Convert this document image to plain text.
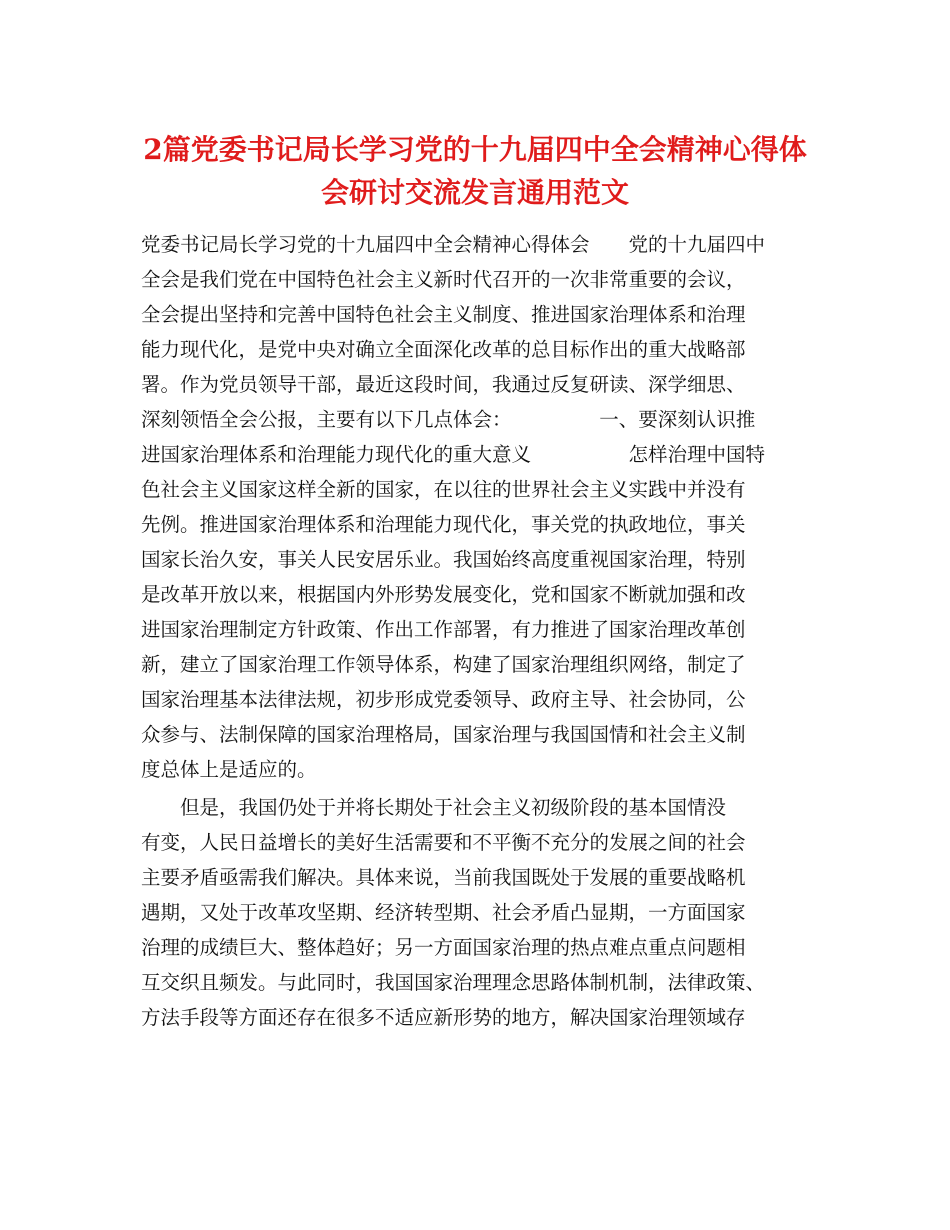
2篇党委书记局长学习党的十九届四中全会精神心得体
会研讨交流发言通用范文
党委书记局长学习党的十九届四中全会精神心得体会　　党的十九届四中
全会是我们党在中国特色社会主义新时代召开的一次非常重要的会议，
全会提出坚持和完善中国特色社会主义制度、推进国家治理体系和治理
能力现代化，是党中央对确立全面深化改革的总目标作出的重大战略部
署。作为党员领导干部，最近这段时间，我通过反复研读、深学细思、
深刻领悟全会公报，主要有以下几点体会：　　　　　一、要深刻认识推
进国家治理体系和治理能力现代化的重大意义　　　　　怎样治理中国特
色社会主义国家这样全新的国家，在以往的世界社会主义实践中并没有
先例。推进国家治理体系和治理能力现代化，事关党的执政地位，事关
国家长治久安，事关人民安居乐业。我国始终高度重视国家治理，特别
是改革开放以来，根据国内外形势发展变化，党和国家不断就加强和改
进国家治理制定方针政策、作出工作部署，有力推进了国家治理改革创
新，建立了国家治理工作领导体系，构建了国家治理组织网络，制定了
国家治理基本法律法规，初步形成党委领导、政府主导、社会协同，公
众参与、法制保障的国家治理格局，国家治理与我国国情和社会主义制
度总体上是适应的。
　　但是，我国仍处于并将长期处于社会主义初级阶段的基本国情没
有变，人民日益增长的美好生活需要和不平衡不充分的发展之间的社会
主要矛盾亟需我们解决。具体来说，当前我国既处于发展的重要战略机
遇期，又处于改革攻坚期、经济转型期、社会矛盾凸显期，一方面国家
治理的成绩巨大、整体趋好；另一方面国家治理的热点难点重点问题相
互交织且频发。与此同时，我国国家治理理念思路体制机制，法律政策、
方法手段等方面还存在很多不适应新形势的地方，解决国家治理领域存
